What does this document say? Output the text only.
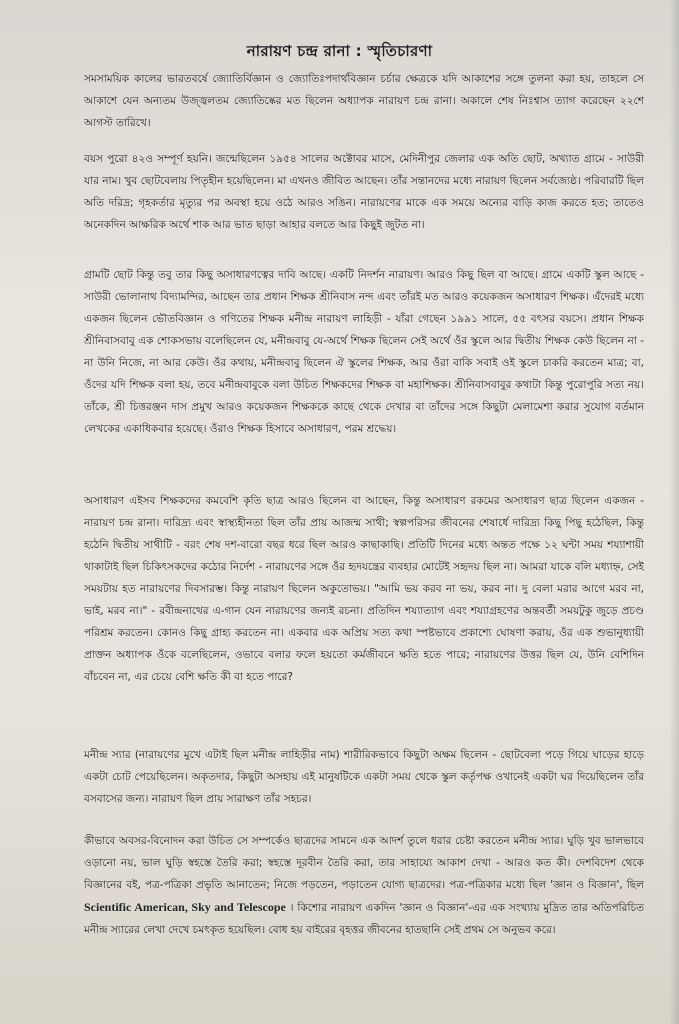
নারায়ণ চন্দ্র রানা : স্মৃতিচারণা

সমসাময়িক কালের ভারতবর্ষে জ্যোতির্বিজ্ঞান ও জ্যোতিঃপদার্থবিজ্ঞান চর্চার ক্ষেত্রকে যদি আকাশের সঙ্গে তুলনা করা হয়, তাহলে সে আকাশে যেন অন্যতম উজ্জ্বলতম জ্যোতিষ্কের মত ছিলেন অধ্যাপক নারায়ণ চন্দ্র রানা। অকালে শেষ নিঃশ্বাস ত্যাগ করেছেন ২২শে আগস্ট তারিখে।

বয়স পুরো ৪২ও সম্পূর্ণ হয়নি। জন্মেছিলেন ১৯৫৪ সালের অক্টোবর মাসে, মেদিনীপুর জেলার এক অতি ছোট, অখ্যাত গ্রামে - সাউরী যার নাম। খুব ছোটবেলায় পিতৃহীন হয়েছিলেন। মা এখনও জীবিত আছেন। তাঁর সন্তানদের মধ্যে নারায়ণ ছিলেন সর্বজ্যেষ্ঠ। পরিবারটি ছিল অতি দরিদ্র; গৃহকর্তার মৃত্যুর পর অবস্থা হয়ে ওঠে আরও সঙিন। নারায়ণের মাকে এক সময়ে অন্যের বাড়ি কাজ করতে হত; তাতেও অনেকদিন আক্ষরিক অর্থে শাক আর ভাত ছাড়া আহার বলতে আর কিছুই জুটত না।

গ্রামটি ছোট কিন্তু তবু তার কিছু অসাধারণত্বের দাবি আছে। একটি নিদর্শন নারায়ণ। আরও কিছু ছিল বা আছে। গ্রামে একটি স্কুল আছে - সাউরী ভোলানাথ বিদ্যামন্দির, আছেন তার প্রধান শিক্ষক শ্রীনিবাস নন্দ এবং তাঁরই মত আরও কয়েকজন অসাধারণ শিক্ষক। এঁদেরই মধ্যে একজন ছিলেন ভৌতবিজ্ঞান ও গণিতের শিক্ষক মনীন্দ্র নারায়ণ লাহিড়ী - যাঁরা গেছেন ১৯৯১ সালে, ৫৫ বৎসর বয়সে। প্রধান শিক্ষক শ্রীনিবাসবাবু এক শোকসভায় বলেছিলেন যে, মনীন্দ্রবাবু যে-অর্থে শিক্ষক ছিলেন সেই অর্থে ওঁর স্কুলে আর দ্বিতীয় শিক্ষক কেউ ছিলেন না - না উনি নিজে, না আর কেউ। ওঁর কথায়, মনীন্দ্রবাবু ছিলেন ঐ স্কুলের শিক্ষক, আর ওঁরা বাকি সবাই ওই স্কুলে চাকরি করতেন মাত্র; বা, ওঁদের যদি শিক্ষক বলা হয়, তবে মনীন্দ্রবাবুকে বলা উচিত শিক্ষকদের শিক্ষক বা মহাশিক্ষক। শ্রীনিবাসবাবুর কথাটা কিন্তু পুরোপুরি সত্য নয়। তাঁকে, শ্রী চিত্তরঞ্জন দাস প্রমুখ আরও কয়েকজন শিক্ষককে কাছে থেকে দেখার বা তাঁদের সঙ্গে কিছুটা মেলামেশা করার সুযোগ বর্তমান লেখকের একাধিকবার হয়েছে। ওঁরাও শিক্ষক হিসাবে অসাধারণ, পরম শ্রদ্ধেয়।

অসাধারণ এইসব শিক্ষকদের কমবেশি কৃতি ছাত্র আরও ছিলেন বা আছেন, কিন্তু অসাধারণ রকমের অসাধারণ ছাত্র ছিলেন একজন - নারায়ণ চন্দ্র রানা। দারিদ্র্য এবং স্বাস্থ্যহীনতা ছিল তাঁর প্রায় আজন্ম সাথী; স্বল্পপরিসর জীবনের শেষার্ধে দারিদ্র্য কিছু পিছু হঠেছিল, কিন্তু হঠেনি দ্বিতীয় সাথীটি - বরং শেষ দশ-বারো বছর ধরে ছিল আরও কাছাকাছি। প্রতিটি দিনের মধ্যে অন্তত পক্ষে ১২ ঘন্টা সময় শয্যাশায়ী থাকাটাই ছিল চিকিৎসকদের কঠোর নির্দেশ - নারায়ণের সঙ্গে ওঁর হৃদযন্ত্রের ব্যবহার মোটেই সহৃদয় ছিল না। আমরা যাকে বলি মধ্যাহ্ন, সেই সময়টায় হত নারায়ণের দিবসারম্ভ। কিন্তু নারায়ণ ছিলেন অকুতোভয়। "আমি ভয় করব না ভয়, করব না। দু বেলা মরার আগে মরব না, ভাই, মরব না।" - রবীন্দ্রনাথের এ-গান যেন নারায়ণের জন্যই রচনা। প্রতিদিন শয্যাত্যাগ এবং শয্যাগ্রহণের অন্তবর্তী সময়টুকু জুড়ে প্রচণ্ড পরিশ্রম করতেন। কোনও কিছু গ্রাহ্য করতেন না। একবার এক অপ্রিয় সত্য কথা স্পষ্টভাবে প্রকাশ্যে ঘোষণা করায়, ওঁর এক শুভানুধ্যায়ী প্রাক্তন অধ্যাপক ওঁকে বলেছিলেন, ওভাবে বলার ফলে হয়তো কর্মজীবনে ক্ষতি হতে পারে; নারায়ণের উত্তর ছিল যে, উনি বেশিদিন বাঁচবেন না, এর চেয়ে বেশি ক্ষতি কী বা হতে পারে?

মনীন্দ্র স্যার (নারায়ণের মুখে এটাই ছিল মনীন্দ্র লাহিড়ীর নাম) শারীরিকভাবে কিছুটা অক্ষম ছিলেন - ছোটবেলা পড়ে গিয়ে ঘাড়ের হাড়ে একটা চোট পেয়েছিলেন। অকৃতদার, কিছুটা অসহায় এই মানুষটিকে একটা সময় থেকে স্কুল কর্তৃপক্ষ ওখানেই একটা ঘর দিয়েছিলেন তাঁর বসবাসের জন্য। নারায়ণ ছিল প্রায় সারাক্ষণ তাঁর সহচর।

কীভাবে অবসর-বিনোদন করা উচিত সে সম্পর্কেও ছাত্রদের সামনে এক আদর্শ তুলে ধরার চেষ্টা করতেন মনীন্দ্র স্যার। ঘুড়ি খুব ভালভাবে ওড়ানো নয়, ভাল ঘুড়ি স্বহস্তে তৈরি করা; স্বহস্তে দূরবীন তৈরি করা, তার সাহায্যে আকাশ দেখা - আরও কত কী। দেশবিদেশ থেকে বিজ্ঞানের বই, পত্র-পত্রিকা প্রভৃতি আনাতেন; নিজে পড়তেন, পড়াতেন যোগ্য ছাত্রদের। পত্র-পত্রিকার মধ্যে ছিল 'জ্ঞান ও বিজ্ঞান', ছিল Scientific American, Sky and Telescope । কিশোর নারায়ণ একদিন 'জ্ঞান ও বিজ্ঞান'-এর এক সংখ্যায় মুদ্রিত তার অতিপরিচিত মনীন্দ্র স্যারের লেখা দেখে চমৎকৃত হয়েছিল। বোধ হয় বাইরের বৃহত্তর জীবনের হাতছানি সেই প্রথম সে অনুভব করে।
